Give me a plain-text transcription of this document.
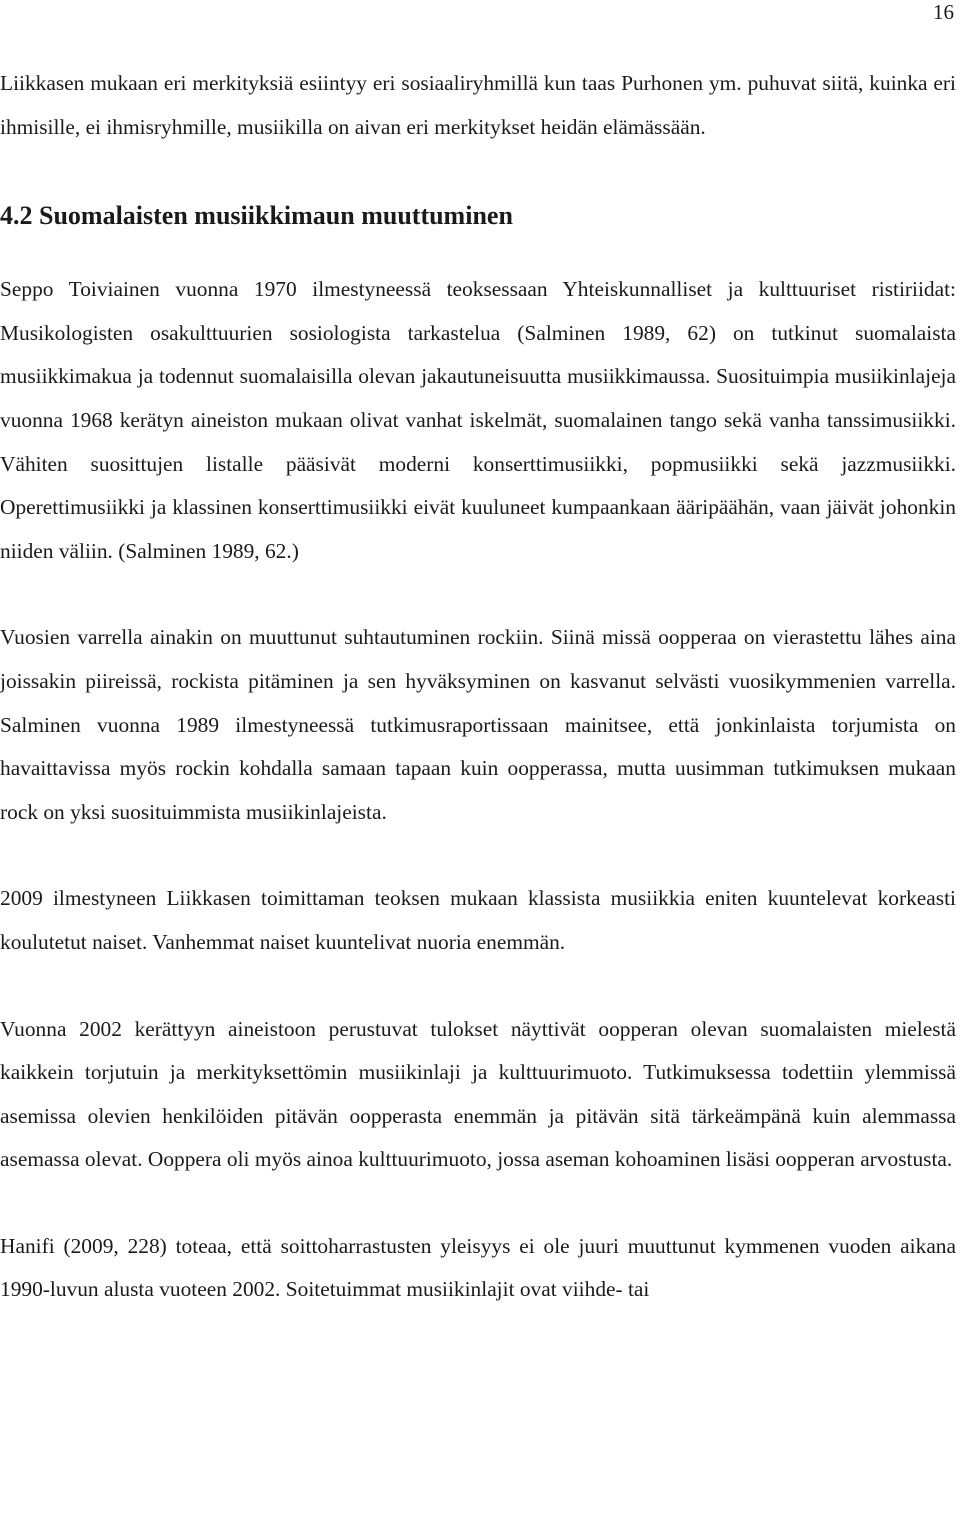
16

Liikkasen mukaan eri merkityksiä esiintyy eri sosiaaliryhmillä kun taas Purhonen ym. puhuvat siitä, kuinka eri ihmisille, ei ihmisryhmille, musiikilla on aivan eri merkitykset heidän elämässään.

4.2 Suomalaisten musiikkimaun muuttuminen

Seppo Toiviainen vuonna 1970 ilmestyneessä teoksessaan Yhteiskunnalliset ja kulttuuriset ristiriidat: Musikologisten osakulttuurien sosiologista tarkastelua (Salminen 1989, 62) on tutkinut suomalaista musiikkimakua ja todennut suomalaisilla olevan jakautuneisuutta musiikkimaussa. Suosituimpia musiikinlajeja vuonna 1968 kerätyn aineiston mukaan olivat vanhat iskelmät, suomalainen tango sekä vanha tanssimusiikki. Vähiten suosittujen listalle pääsivät moderni konserttimusiikki, popmusiikki sekä jazzmusiikki. Operettimusiikki ja klassinen konserttimusiikki eivät kuuluneet kumpaankaan ääripäähän, vaan jäivät johonkin niiden väliin. (Salminen 1989, 62.)

Vuosien varrella ainakin on muuttunut suhtautuminen rockiin. Siinä missä oopperaa on vierastettu lähes aina joissakin piireissä, rockista pitäminen ja sen hyväksyminen on kasvanut selvästi vuosikymmenien varrella. Salminen vuonna 1989 ilmestyneessä tutkimusraportissaan mainitsee, että jonkinlaista torjumista on havaittavissa myös rockin kohdalla samaan tapaan kuin oopperassa, mutta uusimman tutkimuksen mukaan rock on yksi suosituimmista musiikinlajeista.

2009 ilmestyneen Liikkasen toimittaman teoksen mukaan klassista musiikkia eniten kuuntelevat korkeasti koulutetut naiset. Vanhemmat naiset kuuntelivat nuoria enemmän.

Vuonna 2002 kerättyyn aineistoon perustuvat tulokset näyttivät oopperan olevan suomalaisten mielestä kaikkein torjutuin ja merkityksettömin musiikinlaji ja kulttuurimuoto. Tutkimuksessa todettiin ylemmissä asemissa olevien henkilöiden pitävän oopperasta enemmän ja pitävän sitä tärkeämpänä kuin alemmassa asemassa olevat. Ooppera oli myös ainoa kulttuurimuoto, jossa aseman kohoaminen lisäsi oopperan arvostusta.

Hanifi (2009, 228) toteaa, että soittoharrastusten yleisyys ei ole juuri muuttunut kymmenen vuoden aikana 1990-luvun alusta vuoteen 2002. Soitetuimmat musiikinlajit ovat viihde- tai
